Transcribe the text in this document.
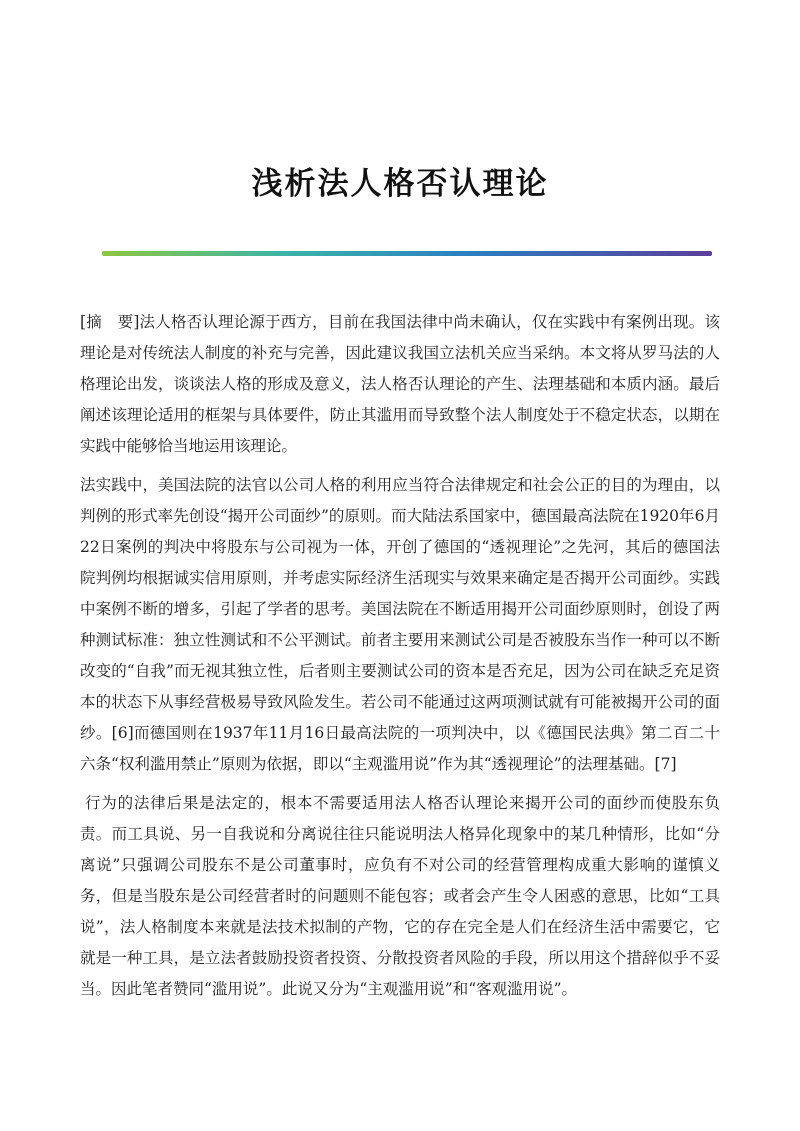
浅析法人格否认理论

[摘　要]法人格否认理论源于西方，目前在我国法律中尚未确认，仅在实践中有案例出现。该理论是对传统法人制度的补充与完善，因此建议我国立法机关应当采纳。本文将从罗马法的人格理论出发，谈谈法人格的形成及意义，法人格否认理论的产生、法理基础和本质内涵。最后阐述该理论适用的框架与具体要件，防止其滥用而导致整个法人制度处于不稳定状态，以期在实践中能够恰当地运用该理论。

法实践中，美国法院的法官以公司人格的利用应当符合法律规定和社会公正的目的为理由，以判例的形式率先创设“揭开公司面纱”的原则。而大陆法系国家中，德国最高法院在1920年6月22日案例的判决中将股东与公司视为一体，开创了德国的“透视理论”之先河，其后的德国法院判例均根据诚实信用原则，并考虑实际经济生活现实与效果来确定是否揭开公司面纱。实践中案例不断的增多，引起了学者的思考。美国法院在不断适用揭开公司面纱原则时，创设了两种测试标准：独立性测试和不公平测试。前者主要用来测试公司是否被股东当作一种可以不断改变的“自我”而无视其独立性，后者则主要测试公司的资本是否充足，因为公司在缺乏充足资本的状态下从事经营极易导致风险发生。若公司不能通过这两项测试就有可能被揭开公司的面纱。[6]而德国则在1937年11月16日最高法院的一项判决中，以《德国民法典》第二百二十六条“权利滥用禁止”原则为依据，即以“主观滥用说”作为其“透视理论”的法理基础。[7]

行为的法律后果是法定的，根本不需要适用法人格否认理论来揭开公司的面纱而使股东负责。而工具说、另一自我说和分离说往往只能说明法人格异化现象中的某几种情形，比如“分离说”只强调公司股东不是公司董事时，应负有不对公司的经营管理构成重大影响的谨慎义务，但是当股东是公司经营者时的问题则不能包容；或者会产生令人困惑的意思，比如“工具说”，法人格制度本来就是法技术拟制的产物，它的存在完全是人们在经济生活中需要它，它就是一种工具，是立法者鼓励投资者投资、分散投资者风险的手段，所以用这个措辞似乎不妥当。因此笔者赞同“滥用说”。此说又分为“主观滥用说”和“客观滥用说”。
